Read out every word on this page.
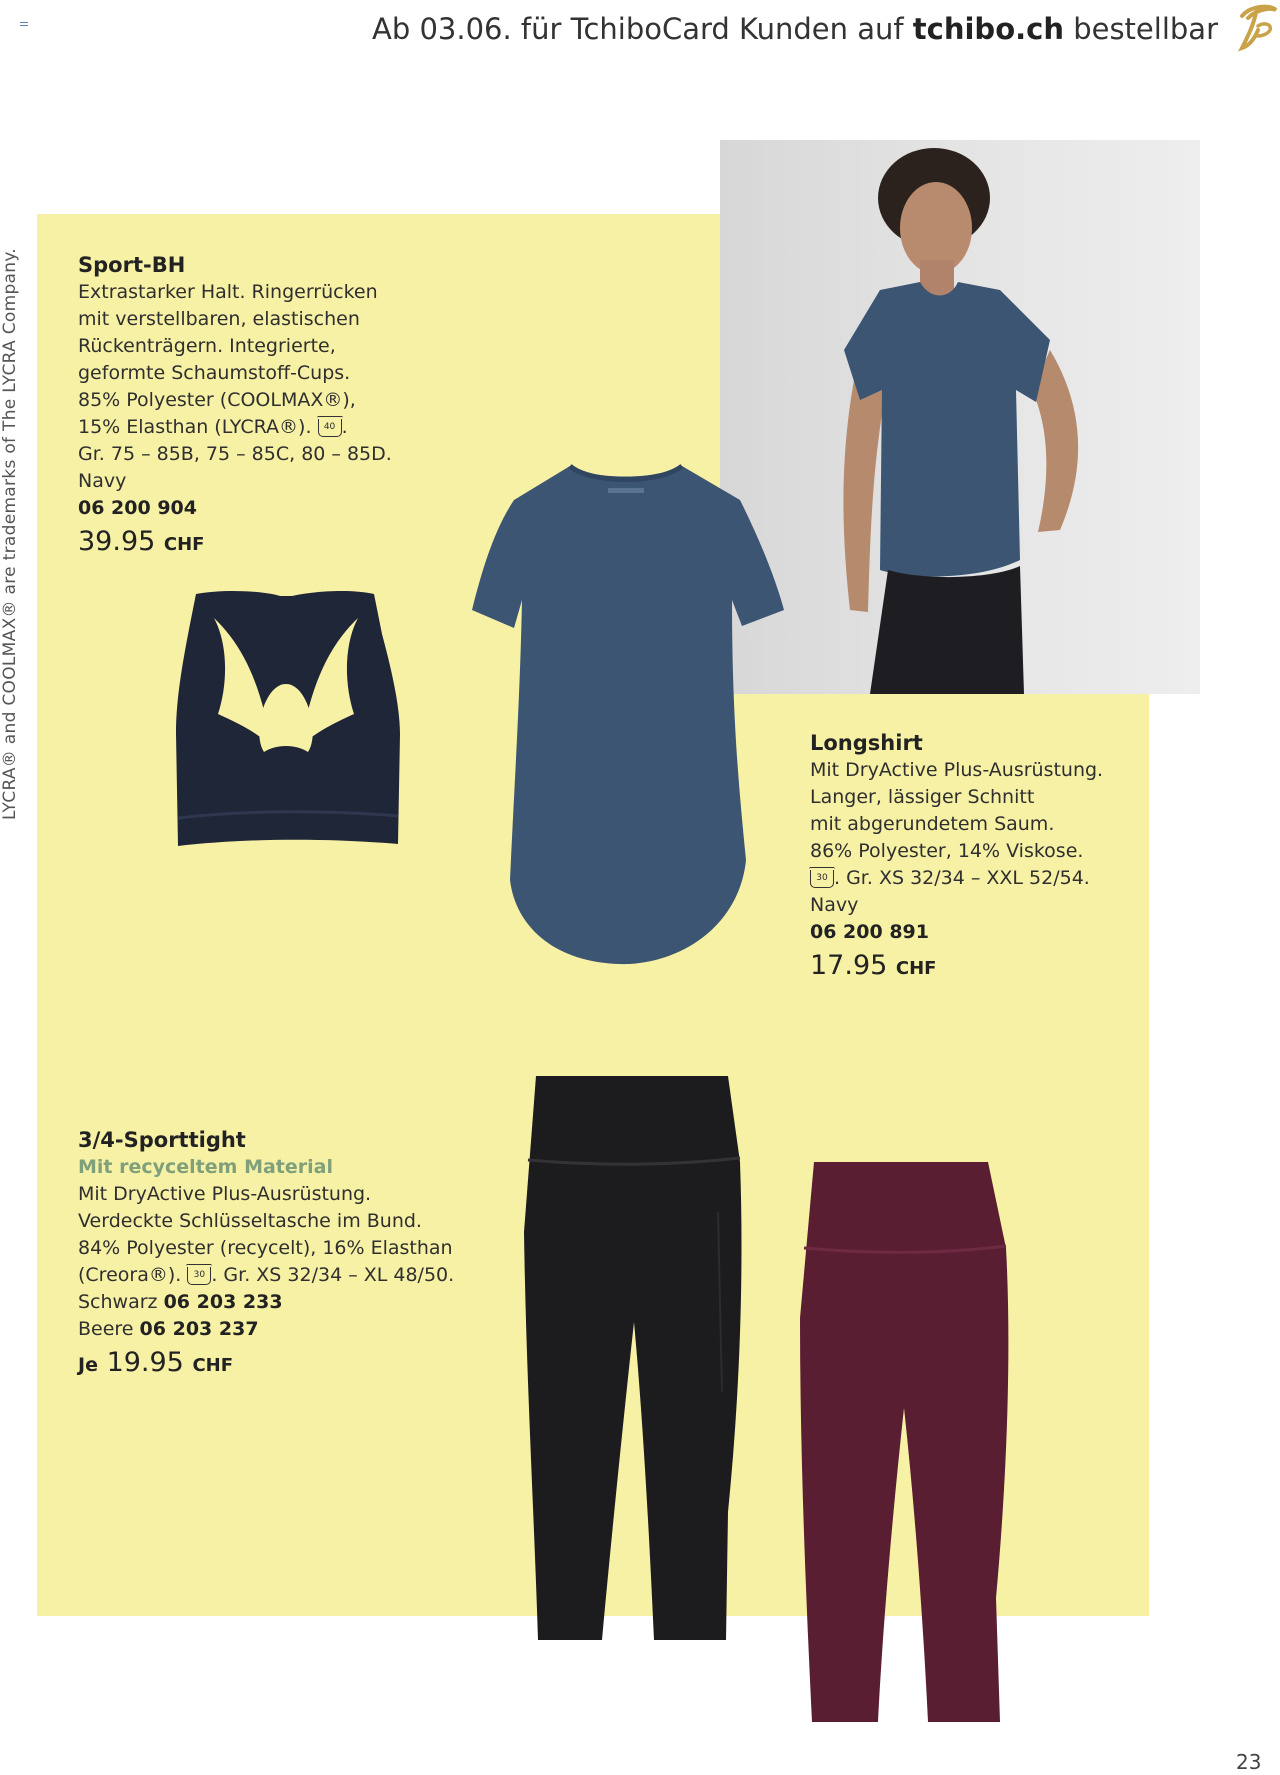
Ab 03.06. für TchiboCard Kunden auf tchibo.ch bestellbar
LYCRA® and COOLMAX® are trademarks of The LYCRA Company.	Sport-BH
Extrastarker Halt. Ringerrücken
mit verstellbaren, elastischen
Rückenträgern. Integrierte,
geformte Schaumstoff-Cups.
85% Polyester (COOLMAX®),
15% Elasthan (LYCRA®). 40 .
Gr. 75 – 85B, 75 – 85C, 80 – 85D.
Navy
06 200 904
39.95 CHF
Longshirt
Mit DryActive Plus-Ausrüstung.
Langer, lässiger Schnitt
mit abgerundetem Saum.
86% Polyester, 14% Viskose.
30 . Gr. XS 32/34 – XXL 52/54.
Navy
06 200 891
17.95 CHF
3/4-Sporttight
Mit recyceltem Material
Mit DryActive Plus-Ausrüstung.
Verdeckte Schlüsseltasche im Bund.
84% Polyester (recycelt), 16% Elasthan
(Creora®). 30 . Gr. XS 32/34 – XL 48/50.
Schwarz 06 203 233
Beere 06 203 237
Je 19.95 CHF
23
